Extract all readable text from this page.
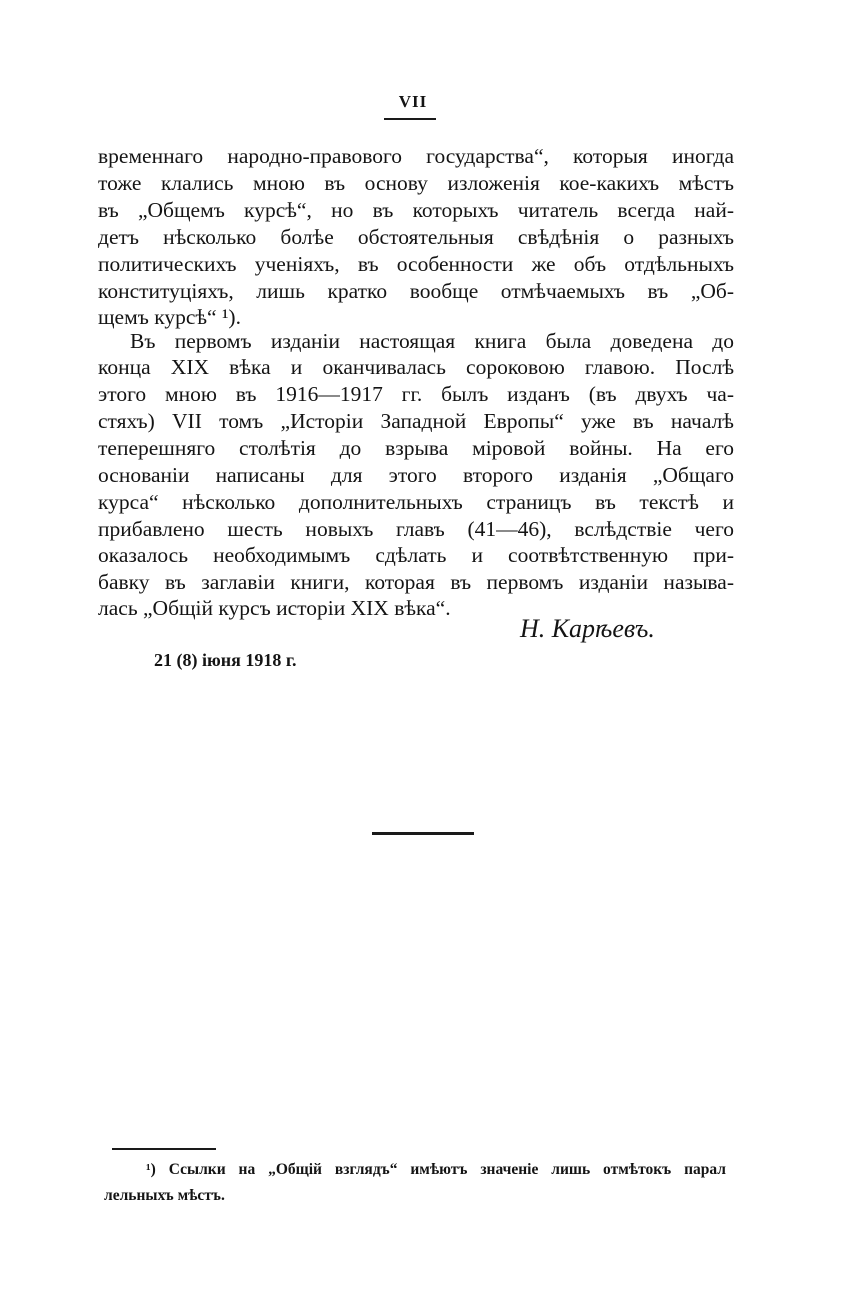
VII
временнаго народно-правового государства“, которыя иногда
тоже клались мною въ основу изложенія кое-какихъ мѣстъ
въ „Общемъ курсѣ“, но въ которыхъ читатель всегда най-
детъ нѣсколько болѣе обстоятельныя свѣдѣнія о разныхъ
политическихъ ученіяхъ, въ особенности же объ отдѣльныхъ
конституціяхъ, лишь кратко вообще отмѣчаемыхъ въ „Об-
щемъ курсѣ“ ¹).
Въ первомъ изданіи настоящая книга была доведена до
конца XIX вѣка и оканчивалась сороковою главою. Послѣ
этого мною въ 1916—1917 гг. былъ изданъ (въ двухъ ча-
стяхъ) VII томъ „Исторіи Западной Европы“ уже въ началѣ
теперешняго столѣтія до взрыва міровой войны. На его
основаніи написаны для этого второго изданія „Общаго
курса“ нѣсколько дополнительныхъ страницъ въ текстѣ и
прибавлено шесть новыхъ главъ (41—46), вслѣдствіе чего
оказалось необходимымъ сдѣлать и соотвѣтственную при-
бавку въ заглавіи книги, которая въ первомъ изданіи называ-
лась „Общій курсъ исторіи XIX вѣка“.
Н. Карѣевъ.
21 (8) іюня 1918 г.
¹) Ссылки на „Общій взглядъ“ имѣютъ значеніе лишь отмѣтокъ парал
лельныхъ мѣстъ.
